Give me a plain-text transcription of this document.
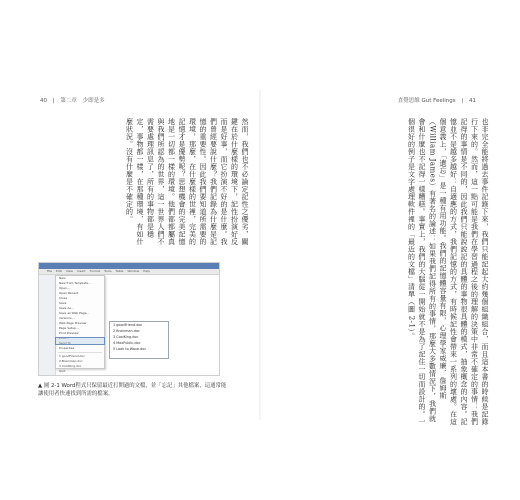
40 | 第二章 少即是多

然而，我們也不必論定記性之優劣，關鍵在於什麼樣的環境下，記性扮演好反而是好事，而它扮演不好的是什麼。我們曾經要說什麼？我們記錄為什麼是記憶的重要性。因此我們要知道所需要的環境，那麼，在什麼樣的世裡，完美的記憶才是優勢呢？思想機會的完美記憶地是一切都一樣的環境。他們都都屬真與我們所認為的世界，這一世界人們不需要處理訊息了，所有的事物都是穩定，事物都一樣，在那種環境，有如什麼狀況。沒有什麼是不確定的。

File Edit View Insert Format Tools Table Window Help
New
New from Template…
Open…
Open Recent
Close
Save
Save As…
Save as Web Page…
Versions…
Web Page Preview
Page Setup…
Print Preview
Print…
Send To
Properties
1 goodFriend.doc
2 Brainman.doc
3 CoolKing.doc
Quit
1 goodFriend.doc
2 Brainman.doc
3 CoolKing.doc
4 MaxPublic.doc
5 Look to Wave.doc
▲ 圖 2-1 Word程式只保留最近打開過的文檔，並「忘記」其他檔案，這通常能讓使用者快速找到所需的檔案。
直覺思維 Gut Feelings | 41

也非完全能將過去事件記錄下來，我們只能記起大約幾個組織組合，而且這本書的時候是記錄行下來的。然而，這一點可能是我們在學習過程之後的理解的決策中非常不確定的事情：我們記得的事情是不同的，因此我們只能說說記的具體的事物很具體的模式，抽象概念的內容。記憶並不是越多越好：自適應的方式，我們記憶的方式，有時候記性會帶來一系列的壞處。在這個意義上，「遺忘」是一種有用功能。我們的記憶體容量有限，心理學家威廉．詹姆斯（William James）有著名的論述：如果我們記得所有的事情，那麼大多數情況下，我們就會和什麼也不記得一樣糟糕。事實上，我們的大腦從一開始就不是為了記住一切而設計的。一個很好的例子是文字處理軟件裡的「最近的文檔」清單（圖 2-1）。
